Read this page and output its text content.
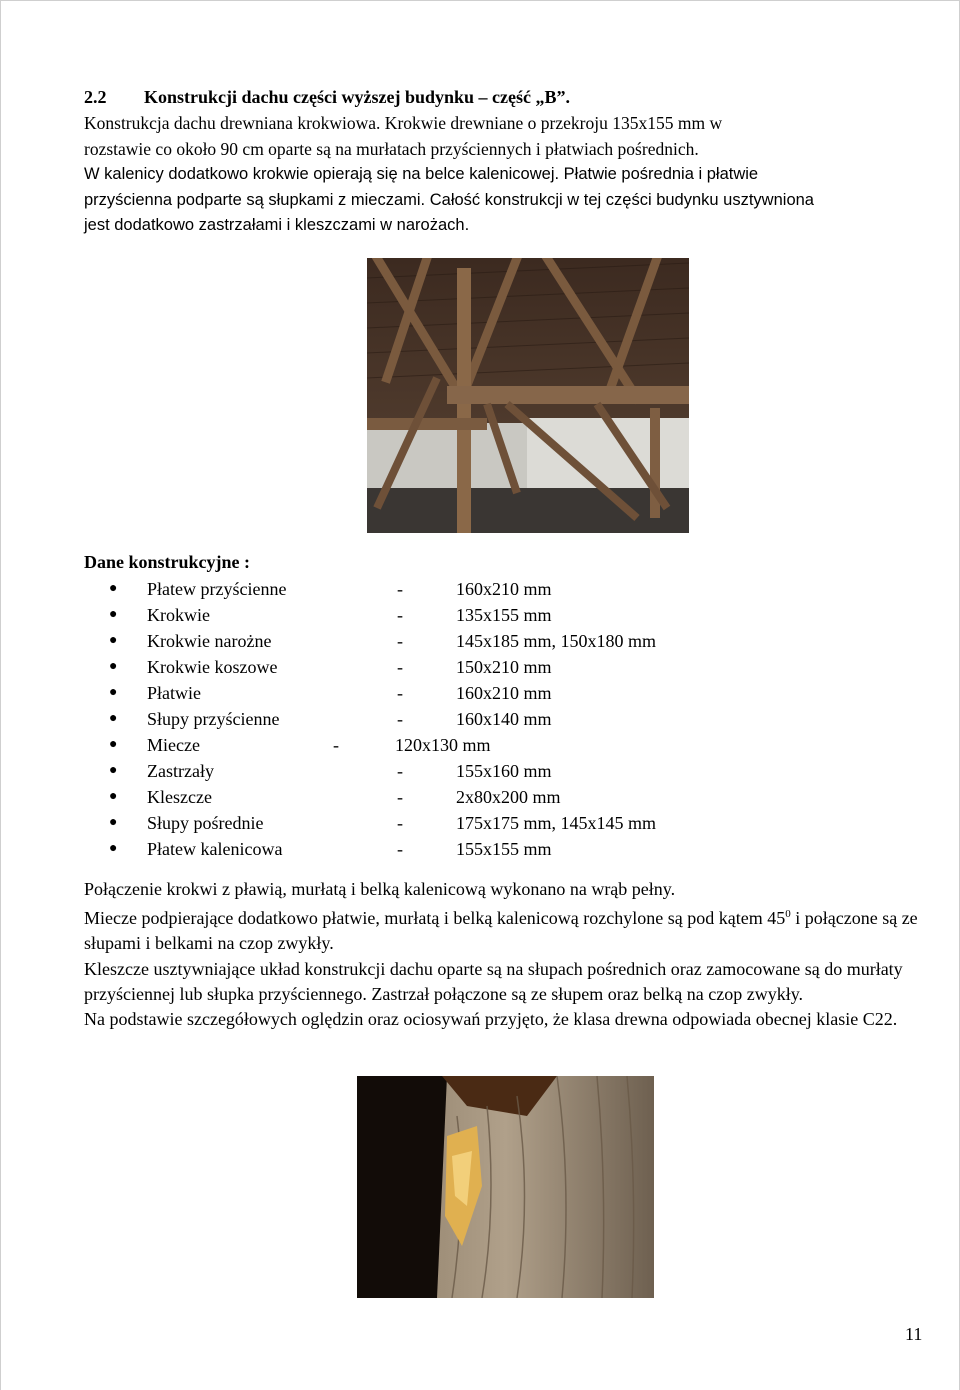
2.2 Konstrukcji dachu części wyższej budynku – część „B”.
Konstrukcja dachu drewniana krokwiowa. Krokwie drewniane o przekroju 135x155 mm w
rozstawie co około 90 cm oparte są na murłatach przyściennych i płatwiach pośrednich.
W kalenicy dodatkowo krokwie opierają się na belce kalenicowej. Płatwie pośrednia i płatwie
przyścienna podparte są słupkami z mieczami. Całość konstrukcji w tej części budynku usztywniona
jest dodatkowo zastrzałami i kleszczami w narożach.
Dane konstrukcyjne :
● Płatew przyścienne	-	160x210 mm
● Krokwie	-	135x155 mm
● Krokwie narożne	-	145x185 mm, 150x180 mm
● Krokwie koszowe	-	150x210 mm
● Płatwie	-	160x210 mm
● Słupy przyścienne	-	160x140 mm
● Miecze	-	120x130 mm
● Zastrzały	-	155x160 mm
● Kleszcze	-	2x80x200 mm
● Słupy pośrednie	-	175x175 mm, 145x145 mm
● Płatew kalenicowa	-	155x155 mm

Połączenie krokwi z pławią, murłatą i belką kalenicową wykonano na wrąb pełny.

Miecze podpierające dodatkowo płatwie, murłatą i belką kalenicową rozchylone są pod kątem $45^0$ i połączone są ze słupami i belkami na czop zwykły.

Kleszcze usztywniające układ konstrukcji dachu oparte są na słupach pośrednich oraz zamocowane są do murłaty przyściennej lub słupka przyściennego. Zastrzał połączone są ze słupem oraz belką na czop zwykły.

Na podstawie szczegółowych oględzin oraz ociosywań przyjęto, że klasa drewna odpowiada obecnej klasie C22.

11
